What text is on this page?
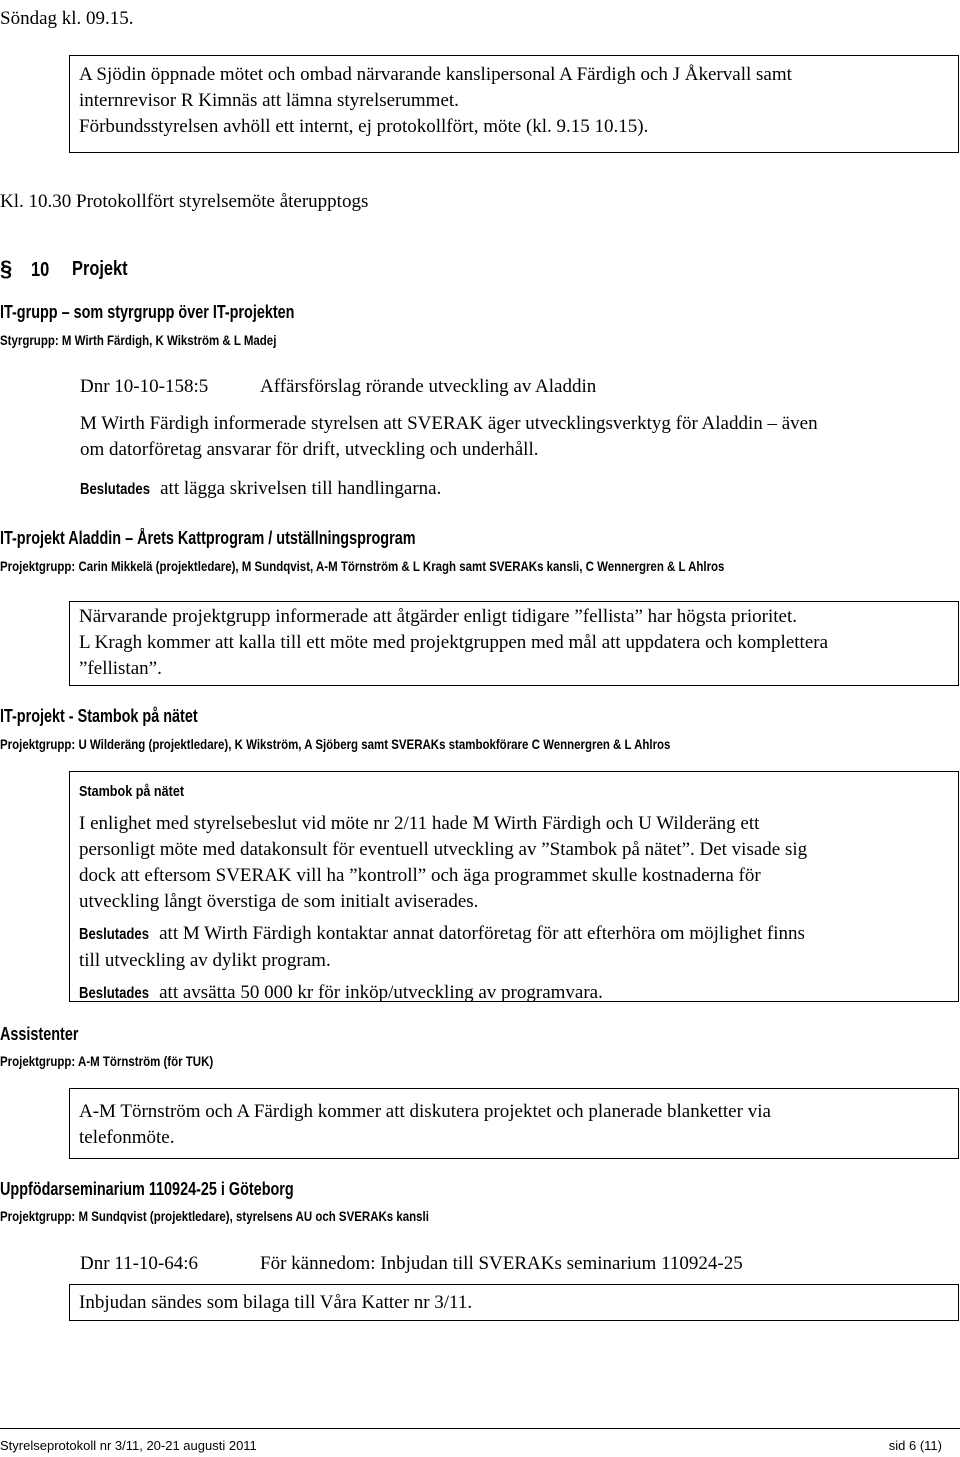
Söndag kl. 09.15.

A Sjödin öppnade mötet och ombad närvarande kanslipersonal A Färdigh och J Åkervall samt

internrevisor R Kimnäs att lämna styrelserummet.

Förbundsstyrelsen avhöll ett internt, ej protokollfört, möte (kl. 9.15 10.15).

Kl. 10.30 Protokollfört styrelsemöte återupptogs
§ 10 Projekt
IT-grupp – som styrgrupp över IT-projekten
Styrgrupp: M Wirth Färdigh, K Wikström & L Madej
Dnr 10-10-158:5	Affärsförslag rörande utveckling av Aladdin
M Wirth Färdigh informerade styrelsen att SVERAK äger utvecklingsverktyg för Aladdin – även
om datorföretag ansvarar för drift, utveckling och underhåll.
Beslutades att lägga skrivelsen till handlingarna.
IT-projekt Aladdin – Årets Kattprogram / utställningsprogram
Projektgrupp: Carin Mikkelä (projektledare), M Sundqvist, A-M Törnström & L Kragh samt SVERAKs kansli, C Wennergren & L Ahlros

Närvarande projektgrupp informerade att åtgärder enligt tidigare ”fellista” har högsta prioritet.

L Kragh kommer att kalla till ett möte med projektgruppen med mål att uppdatera och komplettera

”fellistan”.

IT-projekt - Stambok på nätet
Projektgrupp: U Wilderäng (projektledare), K Wikström, A Sjöberg samt SVERAKs stambokförare C Wennergren & L Ahlros
Stambok på nätet

I enlighet med styrelsebeslut vid möte nr 2/11 hade M Wirth Färdigh och U Wilderäng ett

personligt möte med datakonsult för eventuell utveckling av ”Stambok på nätet”. Det visade sig

dock att eftersom SVERAK vill ha ”kontroll” och äga programmet skulle kostnaderna för

utveckling långt överstiga de som initialt aviserades.

Beslutades att M Wirth Färdigh kontaktar annat datorföretag för att efterhöra om möjlighet finns

till utveckling av dylikt program.

Beslutades att avsätta 50 000 kr för inköp/utveckling av programvara.

Assistenter
Projektgrupp: A-M Törnström (för TUK)

A-M Törnström och A Färdigh kommer att diskutera projektet och planerade blanketter via

telefonmöte.

Uppfödarseminarium 110924-25 i Göteborg
Projektgrupp: M Sundqvist (projektledare), styrelsens AU och SVERAKs kansli
Dnr 11-10-64:6	För kännedom: Inbjudan till SVERAKs seminarium 110924-25

Inbjudan sändes som bilaga till Våra Katter nr 3/11.

Styrelseprotokoll nr 3/11, 20-21 augusti 2011	sid 6 (11)
